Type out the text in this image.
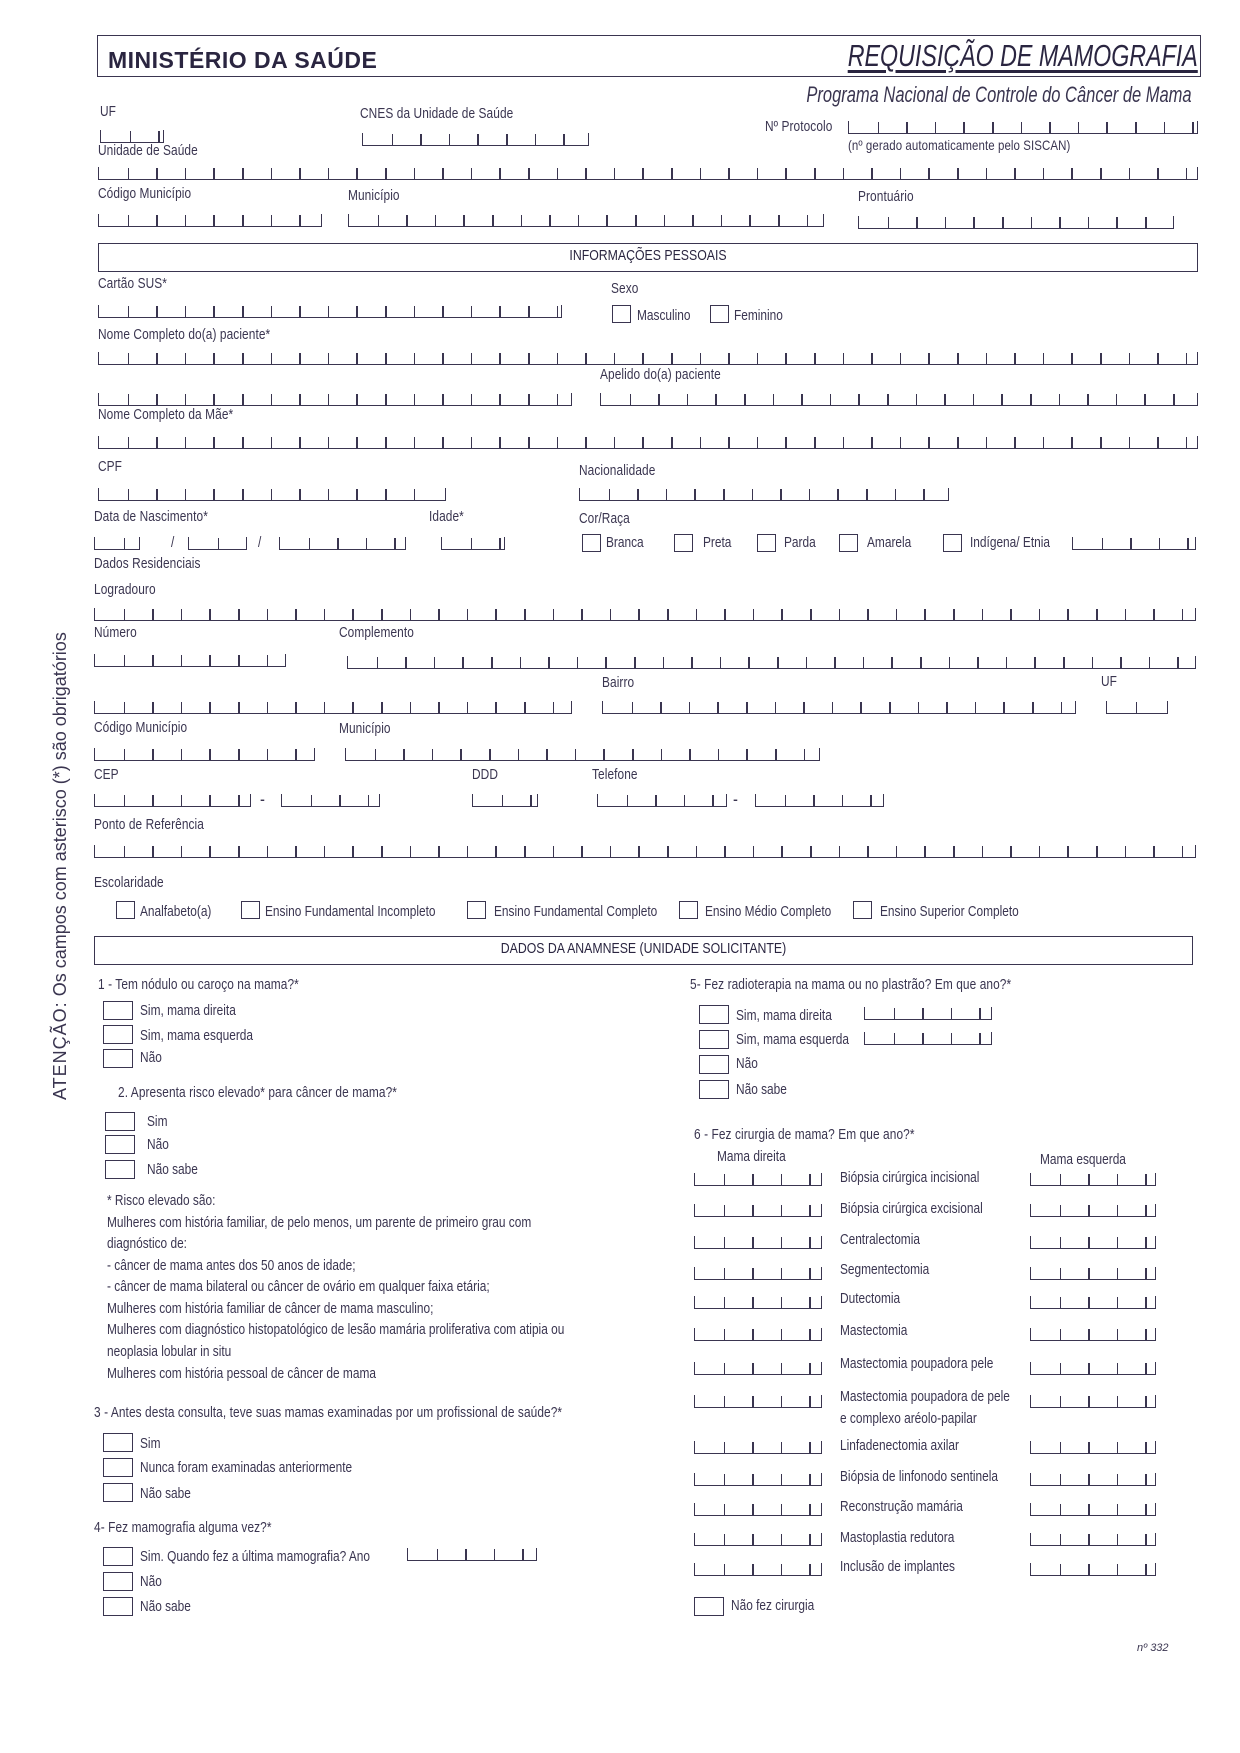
ATENÇÃO: Os campos com asterisco (*) são obrigatórios
MINISTÉRIO DA SAÚDE	REQUISIÇÃO DE MAMOGRAFIA
Programa Nacional de Controle do Câncer de Mama
UF	CNES da Unidade de Saúde
Nº Protocolo
(nº gerado automaticamente pelo SISCAN)
Unidade de Saúde
Código Município	Município	Prontuário
INFORMAÇÕES PESSOAIS
Cartão SUS*	Sexo
Masculino	Feminino
Nome Completo do(a) paciente*
Apelido do(a) paciente
Nome Completo da Mãe*
CPF	Nacionalidade
Data de Nascimento*
/	/
Idade*	Cor/Raça
Branca	Preta	Parda	Amarela	Indígena/ Etnia
Dados Residenciais
Logradouro
Número	Complemento
Bairro	UF
Código Município	Município
CEP
-
DDD	Telefone
-
Ponto de Referência
Escolaridade
Analfabeto(a)	Ensino Fundamental Incompleto	Ensino Fundamental Completo	Ensino Médio Completo	Ensino Superior Completo
DADOS DA ANAMNESE (UNIDADE SOLICITANTE)
1 - Tem nódulo ou caroço na mama?*
Sim, mama direita
Sim, mama esquerda
Não
2. Apresenta risco elevado* para câncer de mama?*
Sim
Não
Não sabe
* Risco elevado são:
Mulheres com história familiar, de pelo menos, um parente de primeiro grau com
diagnóstico de:
- câncer de mama antes dos 50 anos de idade;
- câncer de mama bilateral ou câncer de ovário em qualquer faixa etária;
Mulheres com história familiar de câncer de mama masculino;
Mulheres com diagnóstico histopatológico de lesão mamária proliferativa com atipia ou
neoplasia lobular in situ
Mulheres com história pessoal de câncer de mama
3 - Antes desta consulta, teve suas mamas examinadas por um profissional de saúde?*
Sim
Nunca foram examinadas anteriormente
Não sabe
4- Fez mamografia alguma vez?*
Sim. Quando fez a última mamografia? Ano
Não
Não sabe
5- Fez radioterapia na mama ou no plastrão? Em que ano?*
Sim, mama direita
Sim, mama esquerda
Não
Não sabe
6 - Fez cirurgia de mama? Em que ano?*
Mama direita	Mama esquerda
Biópsia cirúrgica incisional
Biópsia cirúrgica excisional
Centralectomia
Segmentectomia
Dutectomia
Mastectomia
Mastectomia poupadora pele
Mastectomia poupadora de pele
e complexo aréolo-papilar
Linfadenectomia axilar
Biópsia de linfonodo sentinela
Reconstrução mamária
Mastoplastia redutora
Inclusão de implantes
Não fez cirurgia
nº 332
